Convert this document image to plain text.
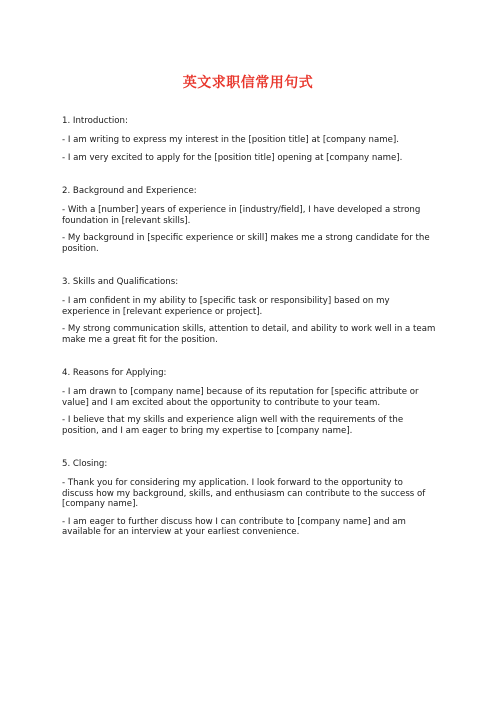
英文求职信常用句式
1. Introduction:
- I am writing to express my interest in the [position title] at [company name].
- I am very excited to apply for the [position title] opening at [company name].
2. Background and Experience:
- With a [number] years of experience in [industry/field], I have developed a strong foundation in [relevant skills].
- My background in [specific experience or skill] makes me a strong candidate for the position.
3. Skills and Qualifications:
- I am confident in my ability to [specific task or responsibility] based on my experience in [relevant experience or project].
- My strong communication skills, attention to detail, and ability to work well in a team make me a great fit for the position.
4. Reasons for Applying:
- I am drawn to [company name] because of its reputation for [specific attribute or value] and I am excited about the opportunity to contribute to your team.
- I believe that my skills and experience align well with the requirements of the position, and I am eager to bring my expertise to [company name].
5. Closing:
- Thank you for considering my application. I look forward to the opportunity to discuss how my background, skills, and enthusiasm can contribute to the success of [company name].
- I am eager to further discuss how I can contribute to [company name] and am available for an interview at your earliest convenience.
